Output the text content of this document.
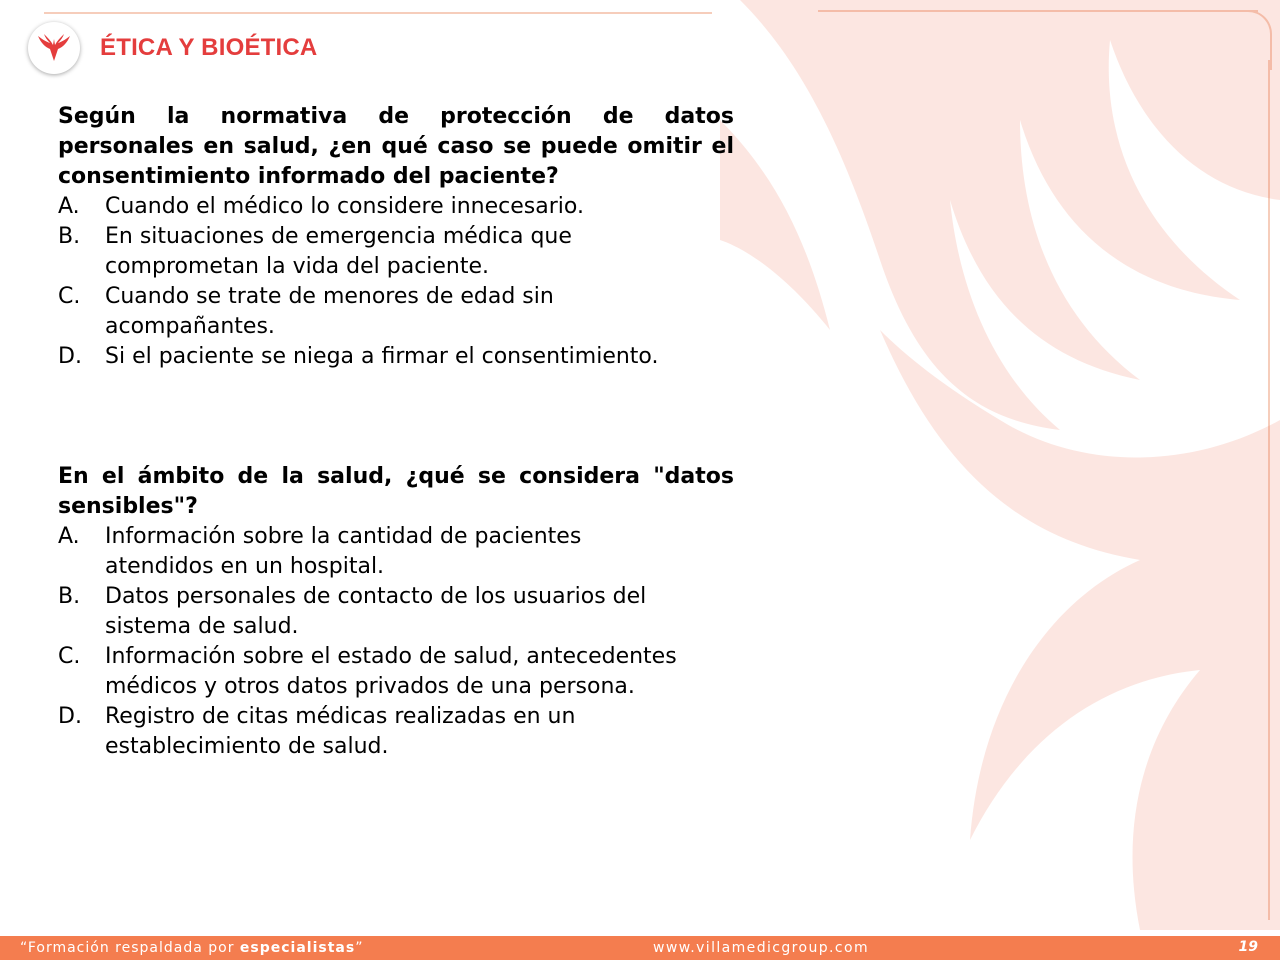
ÉTICA Y BIOÉTICA

Según la normativa de protección de datos personales en salud, ¿en qué caso se puede omitir el consentimiento informado del paciente?

A.	Cuando el médico lo considere innecesario.
B.	En situaciones de emergencia médica que comprometan la vida del paciente.
C.	Cuando se trate de menores de edad sin acompañantes.
D.	Si el paciente se niega a firmar el consentimiento.

En el ámbito de la salud, ¿qué se considera "datos sensibles"?

A.	Información sobre la cantidad de pacientes atendidos en un hospital.
B.	Datos personales de contacto de los usuarios del sistema de salud.
C.	Información sobre el estado de salud, antecedentes médicos y otros datos privados de una persona.
D.	Registro de citas médicas realizadas en un establecimiento de salud.
“Formación respaldada por especialistas”	www.villamedicgroup.com	19
